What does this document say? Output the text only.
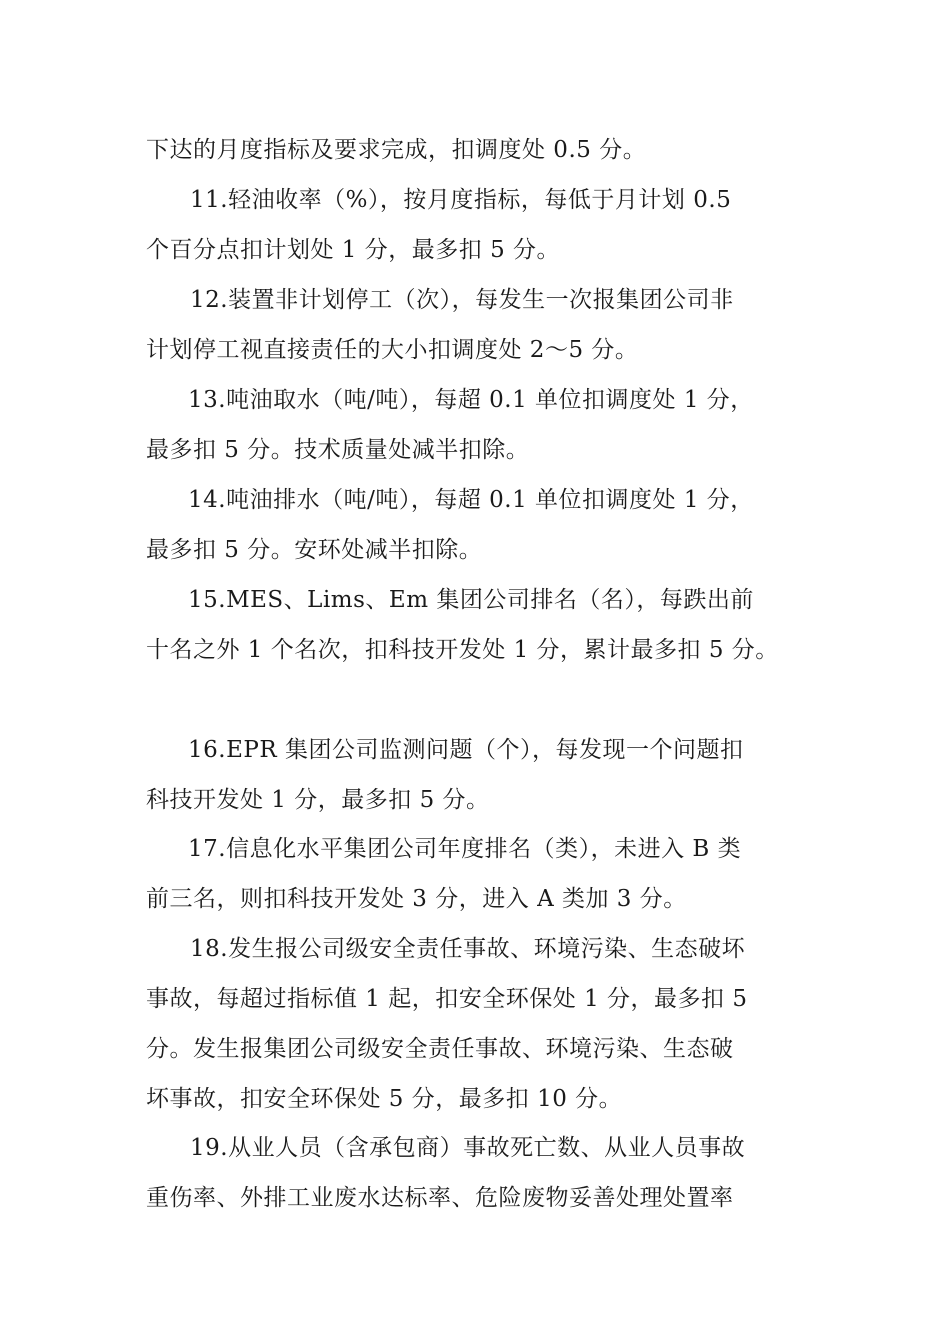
下达的月度指标及要求完成，扣调度处 0.5 分。
11.轻油收率（%），按月度指标，每低于月计划 0.5
个百分点扣计划处 1 分，最多扣 5 分。
12.装置非计划停工（次），每发生一次报集团公司非
计划停工视直接责任的大小扣调度处 2～5 分。
13.吨油取水（吨/吨），每超 0.1 单位扣调度处 1 分，
最多扣 5 分。技术质量处减半扣除。
14.吨油排水（吨/吨），每超 0.1 单位扣调度处 1 分，
最多扣 5 分。安环处减半扣除。
15.MES、Lims、Em 集团公司排名（名），每跌出前
十名之外 1 个名次，扣科技开发处 1 分，累计最多扣 5 分。
16.EPR 集团公司监测问题（个），每发现一个问题扣
科技开发处 1 分，最多扣 5 分。
17.信息化水平集团公司年度排名（类），未进入 B 类
前三名，则扣科技开发处 3 分，进入 A 类加 3 分。
18.发生报公司级安全责任事故、环境污染、生态破坏
事故，每超过指标值 1 起，扣安全环保处 1 分，最多扣 5
分。发生报集团公司级安全责任事故、环境污染、生态破
坏事故，扣安全环保处 5 分，最多扣 10 分。
19.从业人员（含承包商）事故死亡数、从业人员事故
重伤率、外排工业废水达标率、危险废物妥善处理处置率
